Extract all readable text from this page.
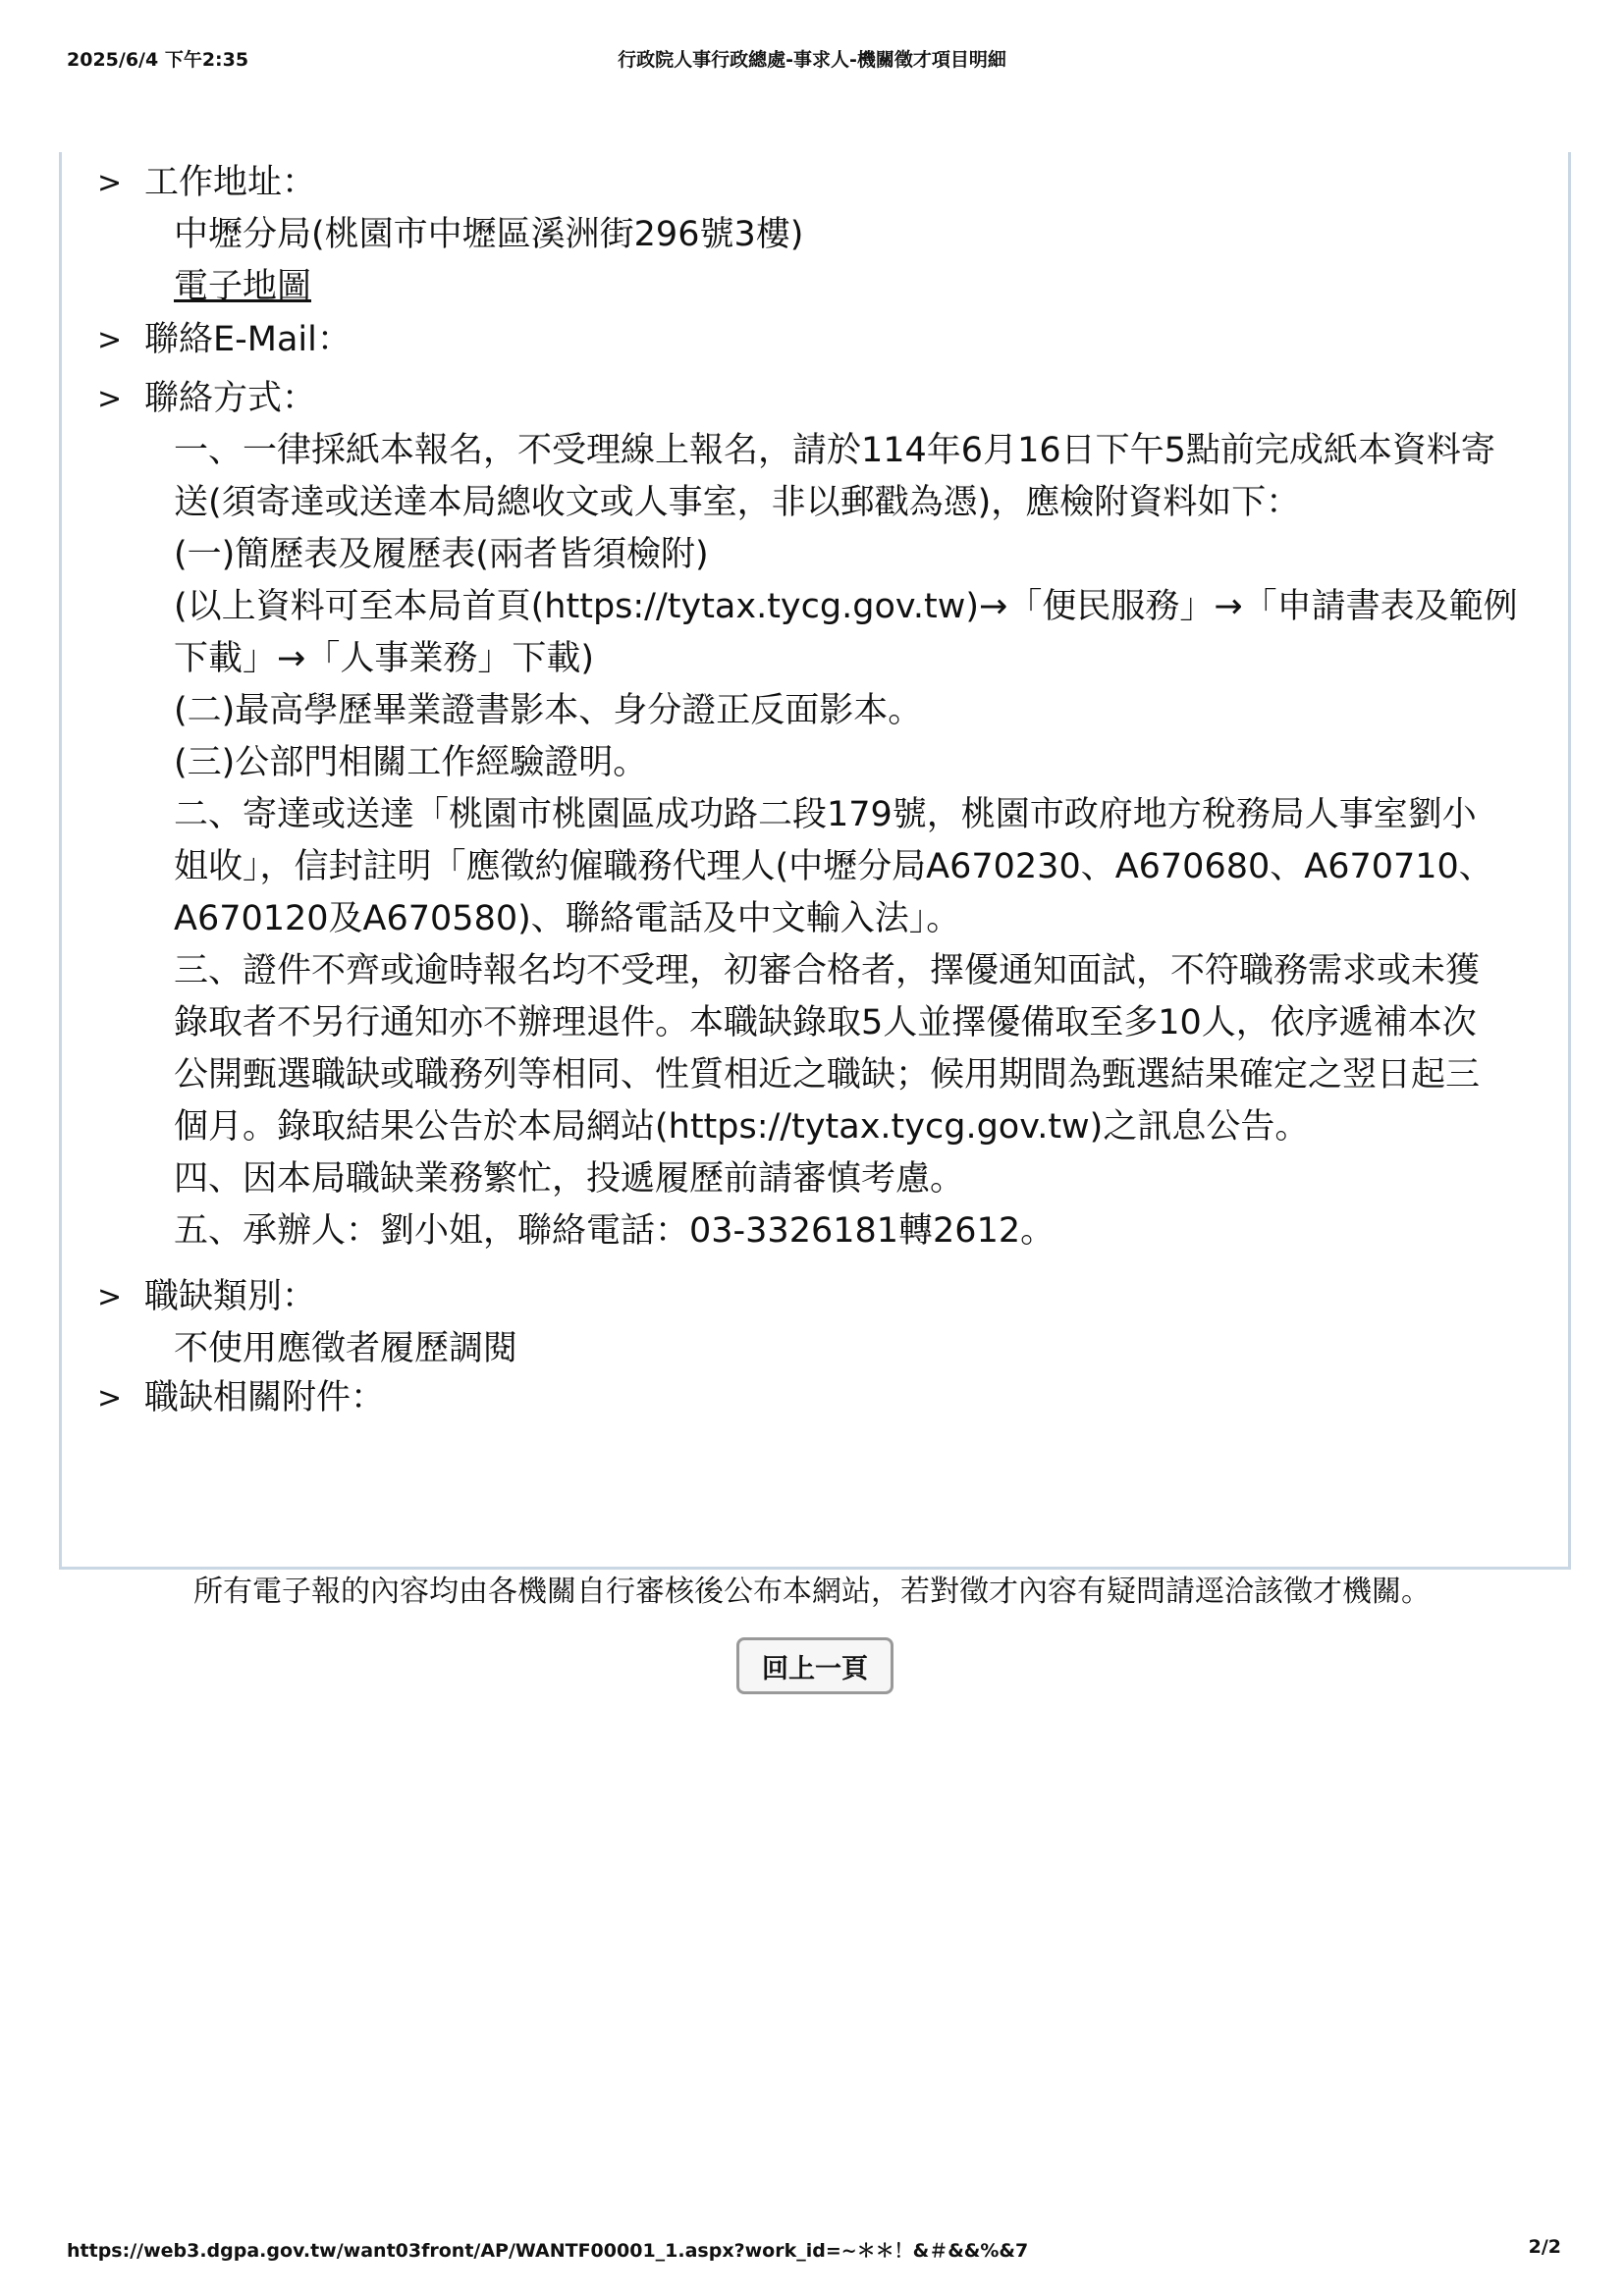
2025/6/4 下午2:35	行政院人事行政總處-事求人-機關徵才項目明細
> 工作地址：
中壢分局(桃園市中壢區溪洲街296號3樓)
電子地圖
> 聯絡E-Mail：
> 聯絡方式：
一、一律採紙本報名，不受理線上報名，請於114年6月16日下午5點前完成紙本資料寄
送(須寄達或送達本局總收文或人事室，非以郵戳為憑)，應檢附資料如下：
(一)簡歷表及履歷表(兩者皆須檢附)
(以上資料可至本局首頁(https://tytax.tycg.gov.tw)→「便民服務」→「申請書表及範例
下載」→「人事業務」下載)
(二)最高學歷畢業證書影本、身分證正反面影本。
(三)公部門相關工作經驗證明。
二、寄達或送達「桃園市桃園區成功路二段179號，桃園市政府地方稅務局人事室劉小
姐收」，信封註明「應徵約僱職務代理人(中壢分局A670230、A670680、A670710、
A670120及A670580)、聯絡電話及中文輸入法」。
三、證件不齊或逾時報名均不受理，初審合格者，擇優通知面試，不符職務需求或未獲
錄取者不另行通知亦不辦理退件。本職缺錄取5人並擇優備取至多10人，依序遞補本次
公開甄選職缺或職務列等相同、性質相近之職缺；候用期間為甄選結果確定之翌日起三
個月。錄取結果公告於本局網站(https://tytax.tycg.gov.tw)之訊息公告。
四、因本局職缺業務繁忙，投遞履歷前請審慎考慮。
五、承辦人：劉小姐，聯絡電話：03-3326181轉2612。
> 職缺類別：
不使用應徵者履歷調閱
> 職缺相關附件：
所有電子報的內容均由各機關自行審核後公布本網站，若對徵才內容有疑問請逕洽該徵才機關。
回上一頁
https://web3.dgpa.gov.tw/want03front/AP/WANTF00001_1.aspx?work_id=~＊＊！&＃&&%&7	2/2
